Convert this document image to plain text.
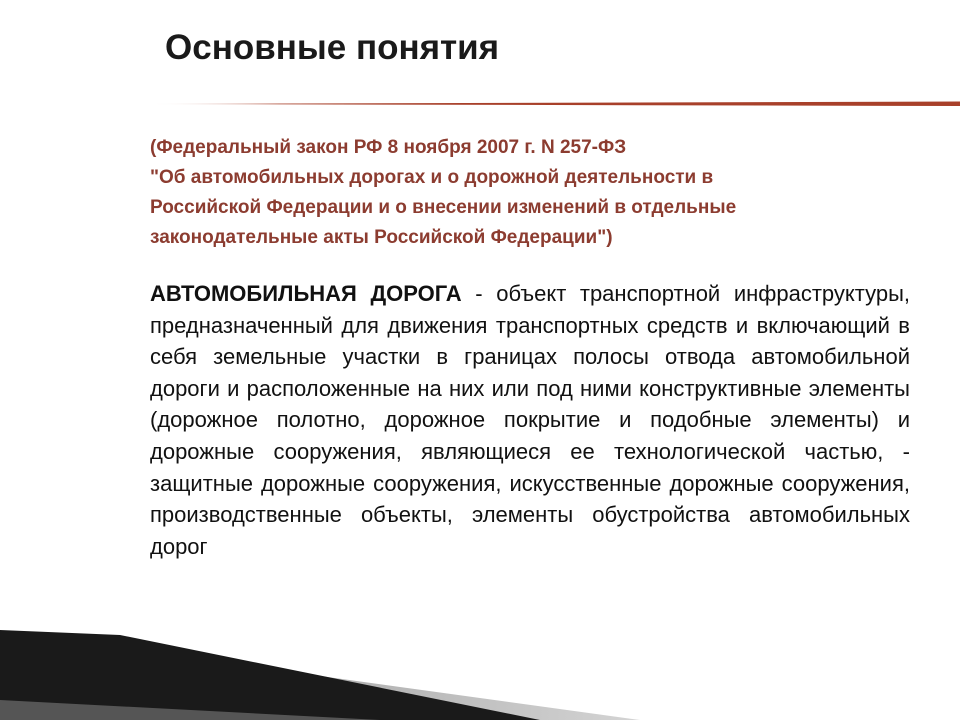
Основные понятия
(Федеральный закон РФ 8 ноября 2007 г. N 257-ФЗ
"Об автомобильных дорогах и о дорожной деятельности в
Российской Федерации и о внесении изменений в отдельные
законодательные акты Российской Федерации")
АВТОМОБИЛЬНАЯ ДОРОГА - объект транспортной инфраструктуры, предназначенный для движения транспортных средств и включающий в себя земельные участки в границах полосы отвода автомобильной дороги и расположенные на них или под ними конструктивные элементы (дорожное полотно, дорожное покрытие и подобные элементы) и дорожные сооружения, являющиеся ее технологической частью, - защитные дорожные сооружения, искусственные дорожные сооружения, производственные объекты, элементы обустройства автомобильных дорог
